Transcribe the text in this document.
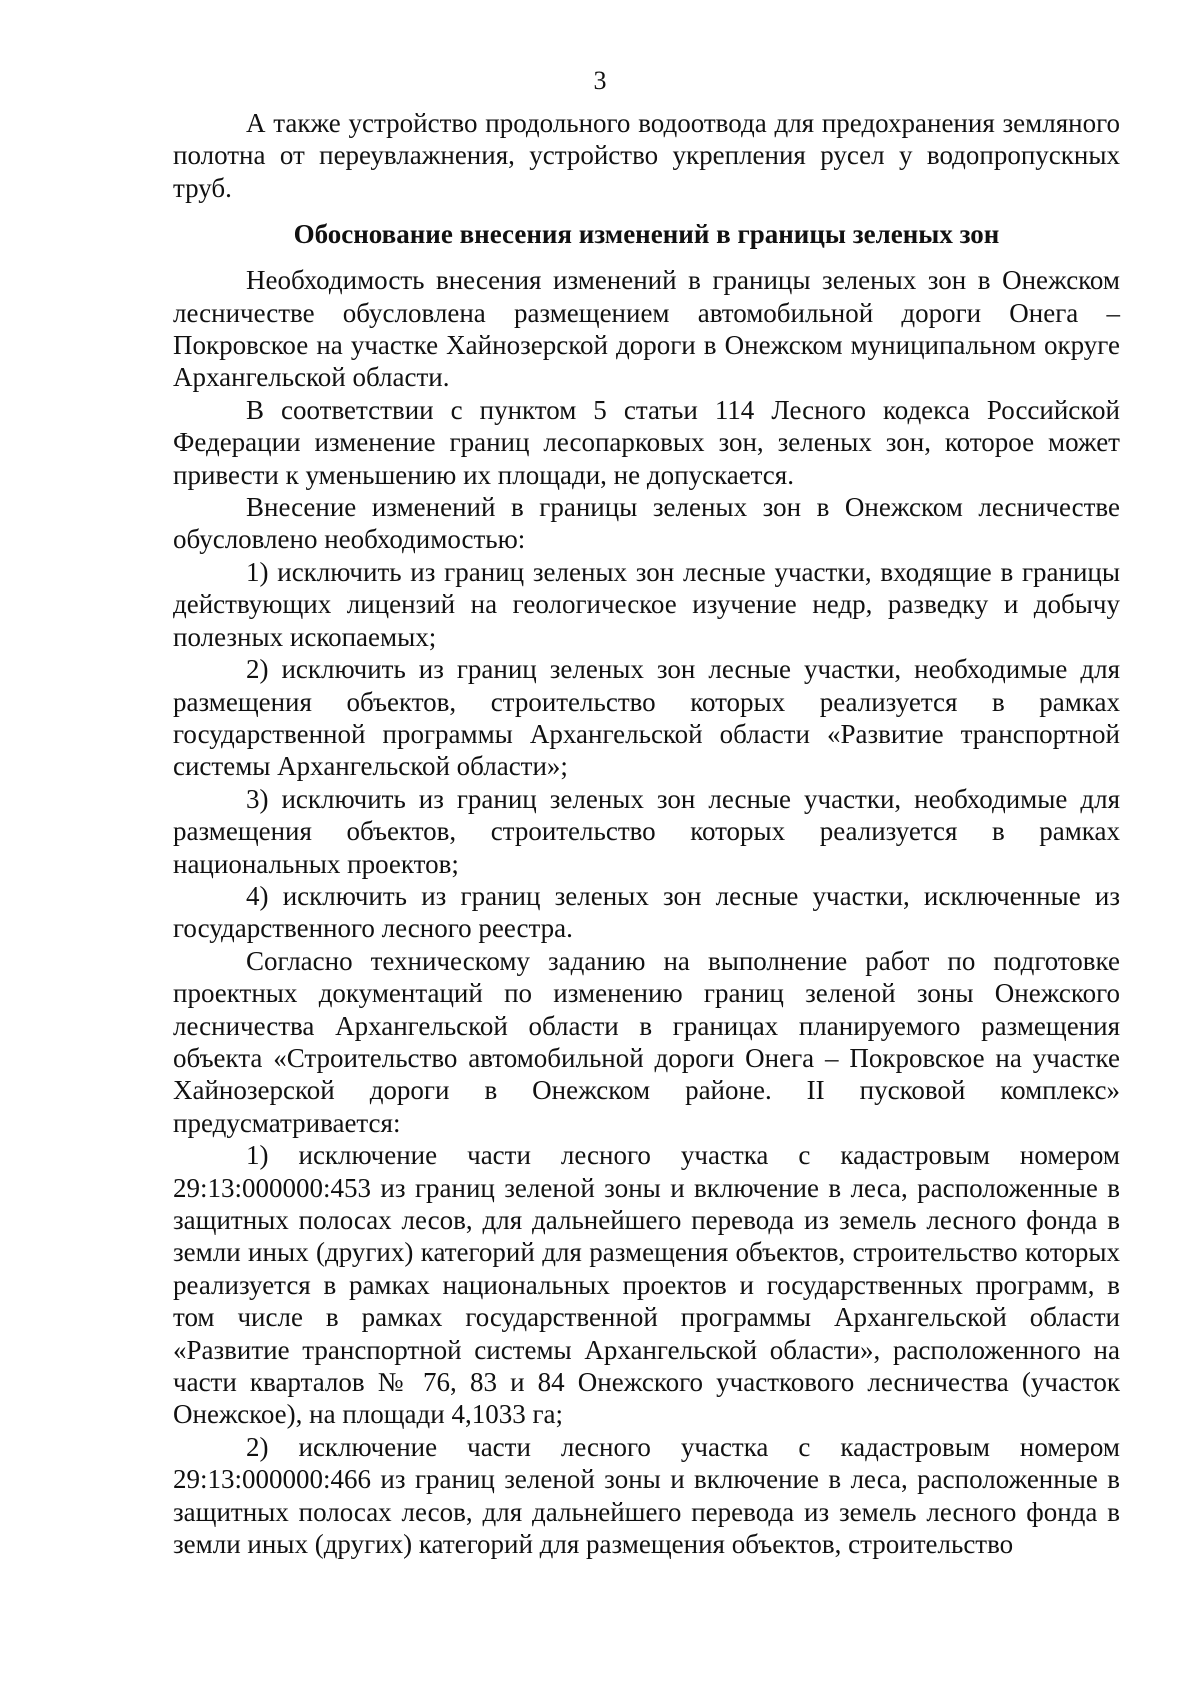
3

А также устройство продольного водоотвода для предохранения земляного полотна от переувлажнения, устройство укрепления русел у водопропускных труб.

Обоснование внесения изменений в границы зеленых зон

Необходимость внесения изменений в границы зеленых зон в Онежском лесничестве обусловлена размещением автомобильной дороги Онега – Покровское на участке Хайнозерской дороги в Онежском муниципальном округе Архангельской области.

В соответствии с пунктом 5 статьи 114 Лесного кодекса Российской Федерации изменение границ лесопарковых зон, зеленых зон, которое может привести к уменьшению их площади, не допускается.

Внесение изменений в границы зеленых зон в Онежском лесничестве обусловлено необходимостью:

1) исключить из границ зеленых зон лесные участки, входящие в границы действующих лицензий на геологическое изучение недр, разведку и добычу полезных ископаемых;

2) исключить из границ зеленых зон лесные участки, необходимые для размещения объектов, строительство которых реализуется в рамках государственной программы Архангельской области «Развитие транспортной системы Архангельской области»;

3) исключить из границ зеленых зон лесные участки, необходимые для размещения объектов, строительство которых реализуется в рамках национальных проектов;

4) исключить из границ зеленых зон лесные участки, исключенные из государственного лесного реестра.

Согласно техническому заданию на выполнение работ по подготовке проектных документаций по изменению границ зеленой зоны Онежского лесничества Архангельской области в границах планируемого размещения объекта «Строительство автомобильной дороги Онега – Покровское на участке Хайнозерской дороги в Онежском районе. II пусковой комплекс» предусматривается:

1) исключение части лесного участка с кадастровым номером 29:13:000000:453 из границ зеленой зоны и включение в леса, расположенные в защитных полосах лесов, для дальнейшего перевода из земель лесного фонда в земли иных (других) категорий для размещения объектов, строительство которых реализуется в рамках национальных проектов и государственных программ, в том числе в рамках государственной программы Архангельской области «Развитие транспортной системы Архангельской области», расположенного на части кварталов № 76, 83 и 84 Онежского участкового лесничества (участок Онежское), на площади 4,1033 га;

2) исключение части лесного участка с кадастровым номером 29:13:000000:466 из границ зеленой зоны и включение в леса, расположенные в защитных полосах лесов, для дальнейшего перевода из земель лесного фонда в земли иных (других) категорий для размещения объектов, строительство
